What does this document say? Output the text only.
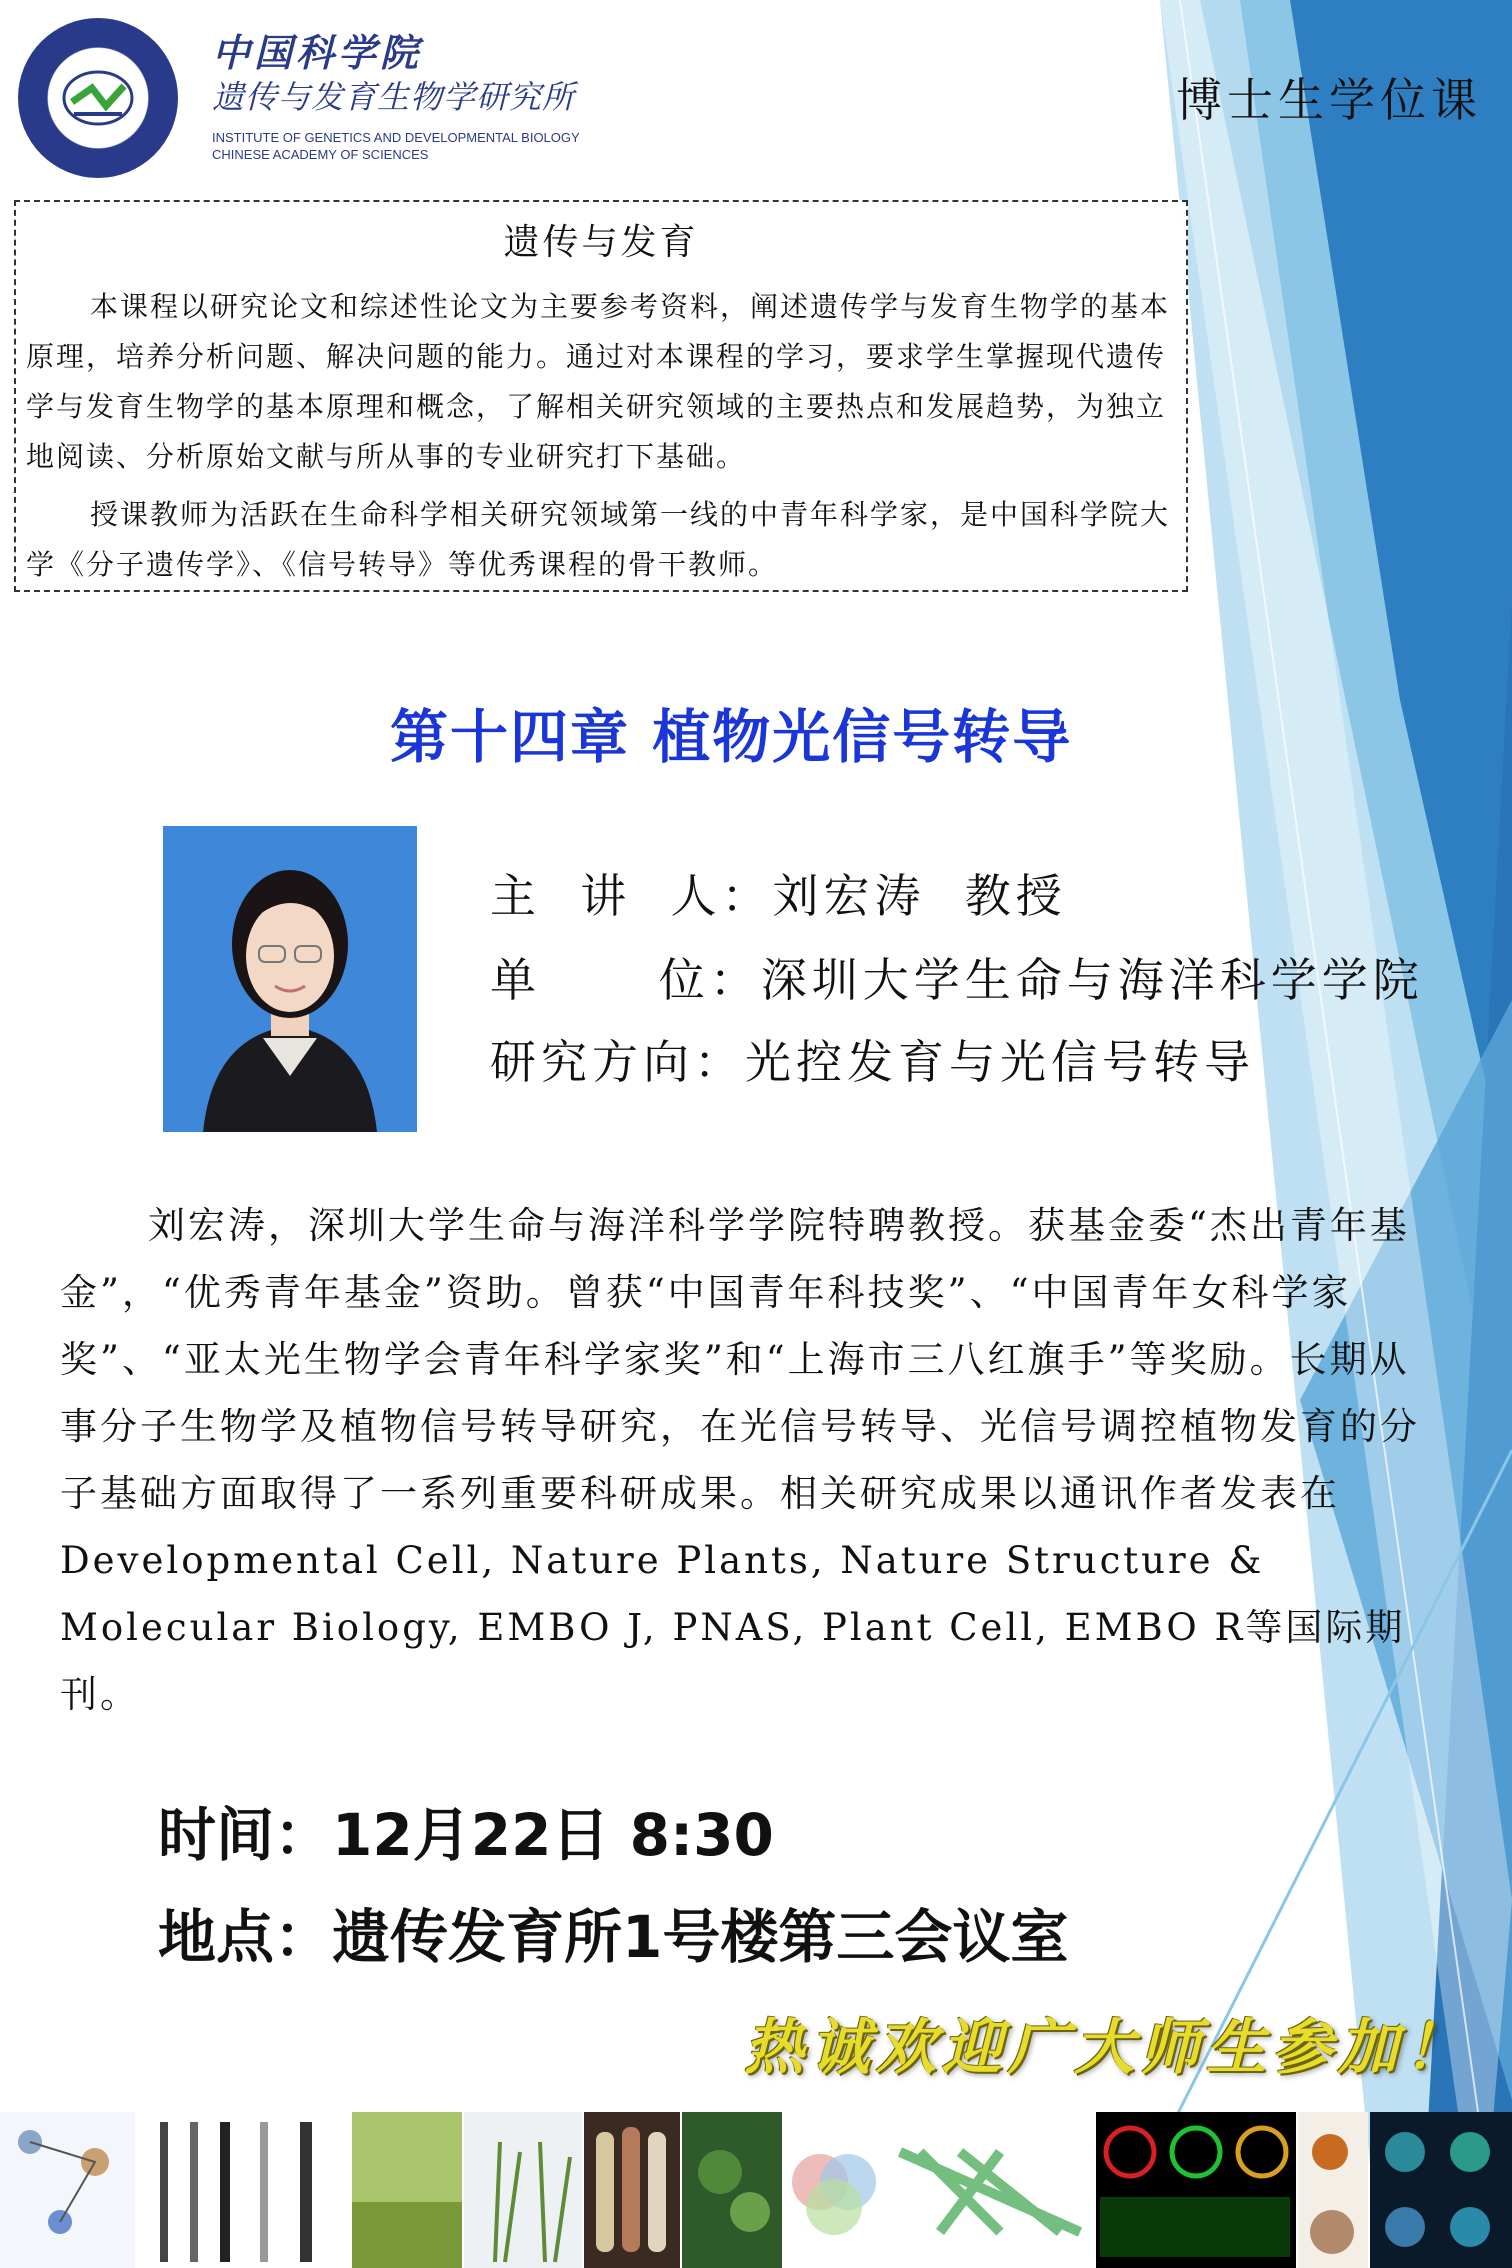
中国科学院
遗传与发育生物学研究所
INSTITUTE OF GENETICS AND DEVELOPMENTAL BIOLOGY
CHINESE ACADEMY OF SCIENCES
博士生学位课
遗传与发育

本课程以研究论文和综述性论文为主要参考资料，阐述遗传学与发育生物学的基本原理，培养分析问题、解决问题的能力。通过对本课程的学习，要求学生掌握现代遗传学与发育生物学的基本原理和概念，了解相关研究领域的主要热点和发展趋势，为独立地阅读、分析原始文献与所从事的专业研究打下基础。

授课教师为活跃在生命科学相关研究领域第一线的中青年科学家，是中国科学院大学《分子遗传学》、《信号转导》等优秀课程的骨干教师。

第十四章 植物光信号转导
主  讲  人：刘宏涛  教授
单      位：深圳大学生命与海洋科学学院
研究方向：光控发育与光信号转导

刘宏涛，深圳大学生命与海洋科学学院特聘教授。获基金委“杰出青年基金”，“优秀青年基金”资助。曾获“中国青年科技奖”、“中国青年女科学家奖”、“亚太光生物学会青年科学家奖”和“上海市三八红旗手”等奖励。长期从事分子生物学及植物信号转导研究，在光信号转导、光信号调控植物发育的分子基础方面取得了一系列重要科研成果。相关研究成果以通讯作者发表在Developmental Cell, Nature Plants, Nature Structure & Molecular Biology, EMBO J, PNAS, Plant Cell, EMBO R等国际期刊。

时间：12月22日 8:30
地点：遗传发育所1号楼第三会议室
热诚欢迎广大师生参加！
